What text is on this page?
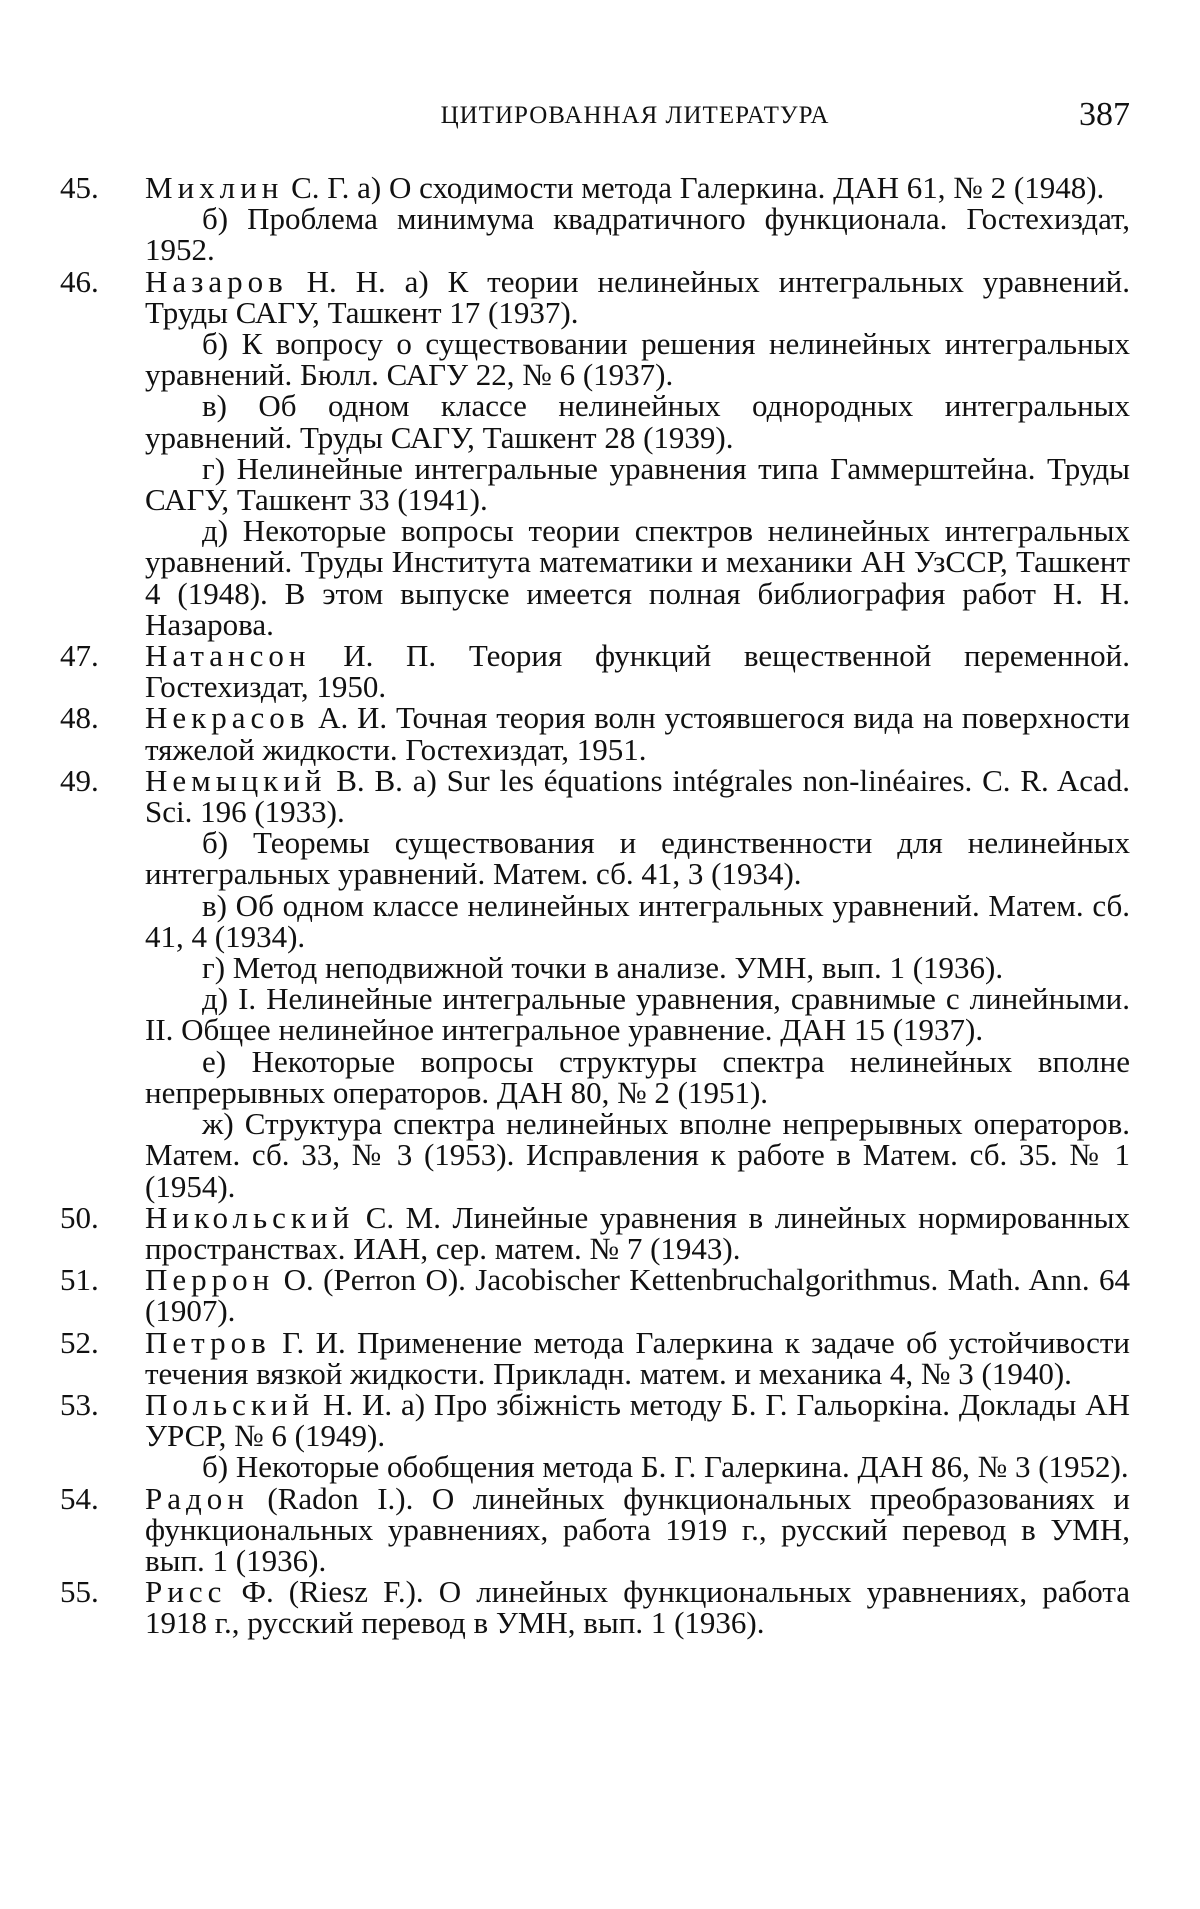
ЦИТИРОВАННАЯ ЛИТЕРАТУРА	387
45.	Михлин С. Г. а) О сходимости метода Галеркина. ДАН 61, № 2 (1948).
б) Проблема минимума квадратичного функционала. Гостехиздат, 1952.
46.	Назаров Н. Н. а) К теории нелинейных интегральных уравнений. Труды САГУ, Ташкент 17 (1937).
б) К вопросу о существовании решения нелинейных интегральных уравнений. Бюлл. САГУ 22, № 6 (1937).
в) Об одном классе нелинейных однородных интегральных уравнений. Труды САГУ, Ташкент 28 (1939).
г) Нелинейные интегральные уравнения типа Гаммерштейна. Труды САГУ, Ташкент 33 (1941).
д) Некоторые вопросы теории спектров нелинейных интегральных уравнений. Труды Института математики и механики АН УзССР, Ташкент 4 (1948). В этом выпуске имеется полная библиография работ Н. Н. Назарова.
47.	Натансон И. П. Теория функций вещественной переменной. Гостехиздат, 1950.
48.	Некрасов А. И. Точная теория волн устоявшегося вида на поверхности тяжелой жидкости. Гостехиздат, 1951.
49.	Немыцкий В. В. а) Sur les équations intégrales non-linéaires. C. R. Acad. Sci. 196 (1933).
б) Теоремы существования и единственности для нелинейных интегральных уравнений. Матем. сб. 41, 3 (1934).
в) Об одном классе нелинейных интегральных уравнений. Матем. сб. 41, 4 (1934).
г) Метод неподвижной точки в анализе. УМН, вып. 1 (1936).
д) I. Нелинейные интегральные уравнения, сравнимые с линейными. II. Общее нелинейное интегральное уравнение. ДАН 15 (1937).
е) Некоторые вопросы структуры спектра нелинейных вполне непрерывных операторов. ДАН 80, № 2 (1951).
ж) Структура спектра нелинейных вполне непрерывных операторов. Матем. сб. 33, № 3 (1953). Исправления к работе в Матем. сб. 35. № 1 (1954).
50.	Никольский С. М. Линейные уравнения в линейных нормированных пространствах. ИАН, сер. матем. № 7 (1943).
51.	Перрон О. (Perron O). Jacobischer Kettenbruchalgorithmus. Math. Ann. 64 (1907).
52.	Петров Г. И. Применение метода Галеркина к задаче об устойчивости течения вязкой жидкости. Прикладн. матем. и механика 4, № 3 (1940).
53.	Польский Н. И. а) Про збіжність методу Б. Г. Гальоркіна. Доклады АН УРСР, № 6 (1949).
б) Некоторые обобщения метода Б. Г. Галеркина. ДАН 86, № 3 (1952).
54.	Радон (Radon I.). О линейных функциональных преобразованиях и функциональных уравнениях, работа 1919 г., русский перевод в УМН, вып. 1 (1936).
55.	Рисс Ф. (Riesz F.). О линейных функциональных уравнениях, работа 1918 г., русский перевод в УМН, вып. 1 (1936).
